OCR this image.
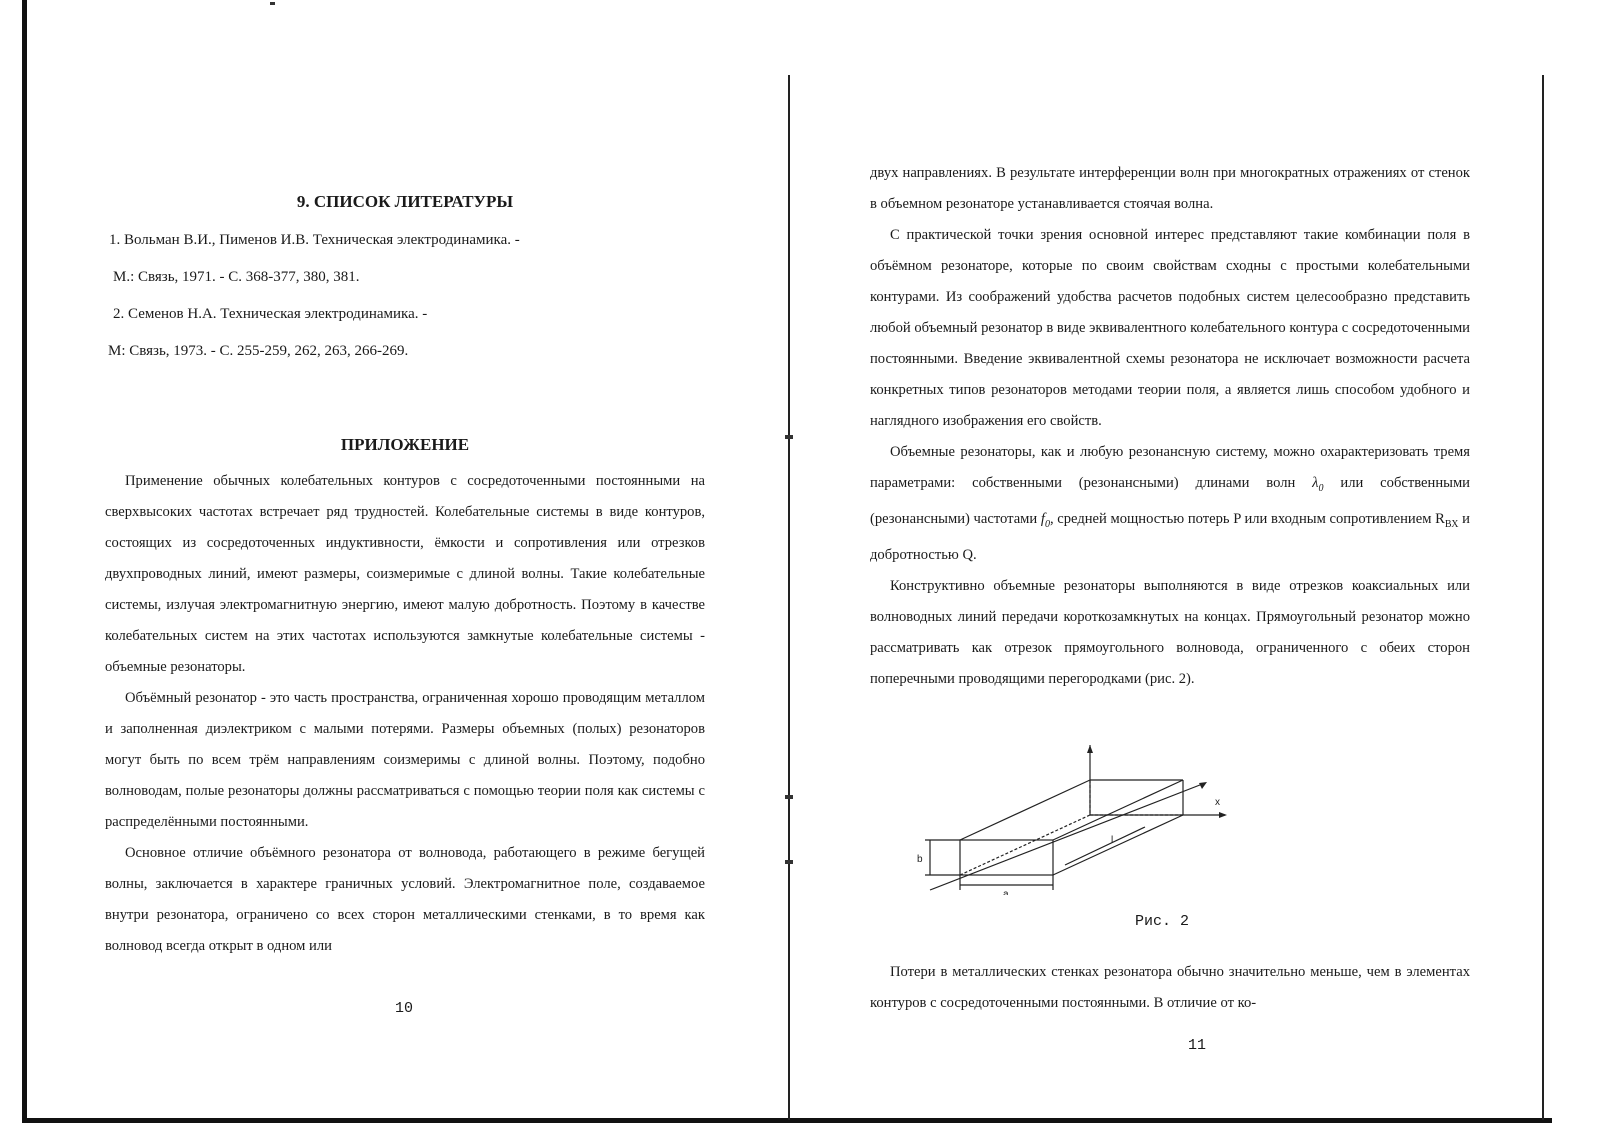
9. СПИСОК ЛИТЕРАТУРЫ
1. Вольман В.И., Пименов И.В. Техническая электродинамика. -
М.: Связь, 1971. - С. 368-377, 380, 381.
2. Семенов Н.А. Техническая электродинамика. -
М: Связь, 1973. - С. 255-259, 262, 263, 266-269.
ПРИЛОЖЕНИЕ

Применение обычных колебательных контуров с сосредоточенными постоянными на сверхвысоких частотах встречает ряд трудностей. Колебательные системы в виде контуров, состоящих из сосредоточенных индуктивности, ёмкости и сопротивления или отрезков двухпроводных линий, имеют размеры, соизмеримые с длиной волны. Такие колебательные системы, излучая электромагнитную энергию, имеют малую добротность. Поэтому в качестве колебательных систем на этих частотах используются замкнутые колебательные системы - объемные резонаторы.

Объёмный резонатор - это часть пространства, ограниченная хорошо проводящим металлом и заполненная диэлектриком с малыми потерями. Размеры объемных (полых) резонаторов могут быть по всем трём направлениям соизмеримы с длиной волны. Поэтому, подобно волноводам, полые резонаторы должны рассматриваться с помощью теории поля как системы с распределёнными постоянными.

Основное отличие объёмного резонатора от волновода, работающего в режиме бегущей волны, заключается в характере граничных условий. Электромагнитное поле, создаваемое внутри резонатора, ограничено со всех сторон металлическими стенками, в то время как волновод всегда открыт в одном или

10

двух направлениях. В результате интерференции волн при многократных отражениях от стенок в объемном резонаторе устанавливается стоячая волна.

С практической точки зрения основной интерес представляют такие комбинации поля в объёмном резонаторе, которые по своим свойствам сходны с простыми колебательными контурами. Из соображений удобства расчетов подобных систем целесообразно представить любой объемный резонатор в виде эквивалентного колебательного контура с сосредоточенными постоянными. Введение эквивалентной схемы резонатора не исключает возможности расчета конкретных типов резонаторов методами теории поля, а является лишь способом удобного и наглядного изображения его свойств.

Объемные резонаторы, как и любую резонансную систему, можно охарактеризовать тремя параметрами: собственными (резонансными) длинами волн $\lambda_0$ или собственными (резонансными) частотами $f_0$, средней мощностью потерь P или входным сопротивлением $R_{ВХ}$ и добротностью Q.

Конструктивно объемные резонаторы выполняются в виде отрезков коаксиальных или волноводных линий передачи короткозамкнутых на концах. Прямоугольный резонатор можно рассматривать как отрезок прямоугольного волновода, ограниченного с обеих сторон поперечными проводящими перегородками (рис. 2).

Рис. 2

Потери в металлических стенках резонатора обычно значительно меньше, чем в элементах контуров с сосредоточенными постоянными. В отличие от ко-

11
b
a
l
x
